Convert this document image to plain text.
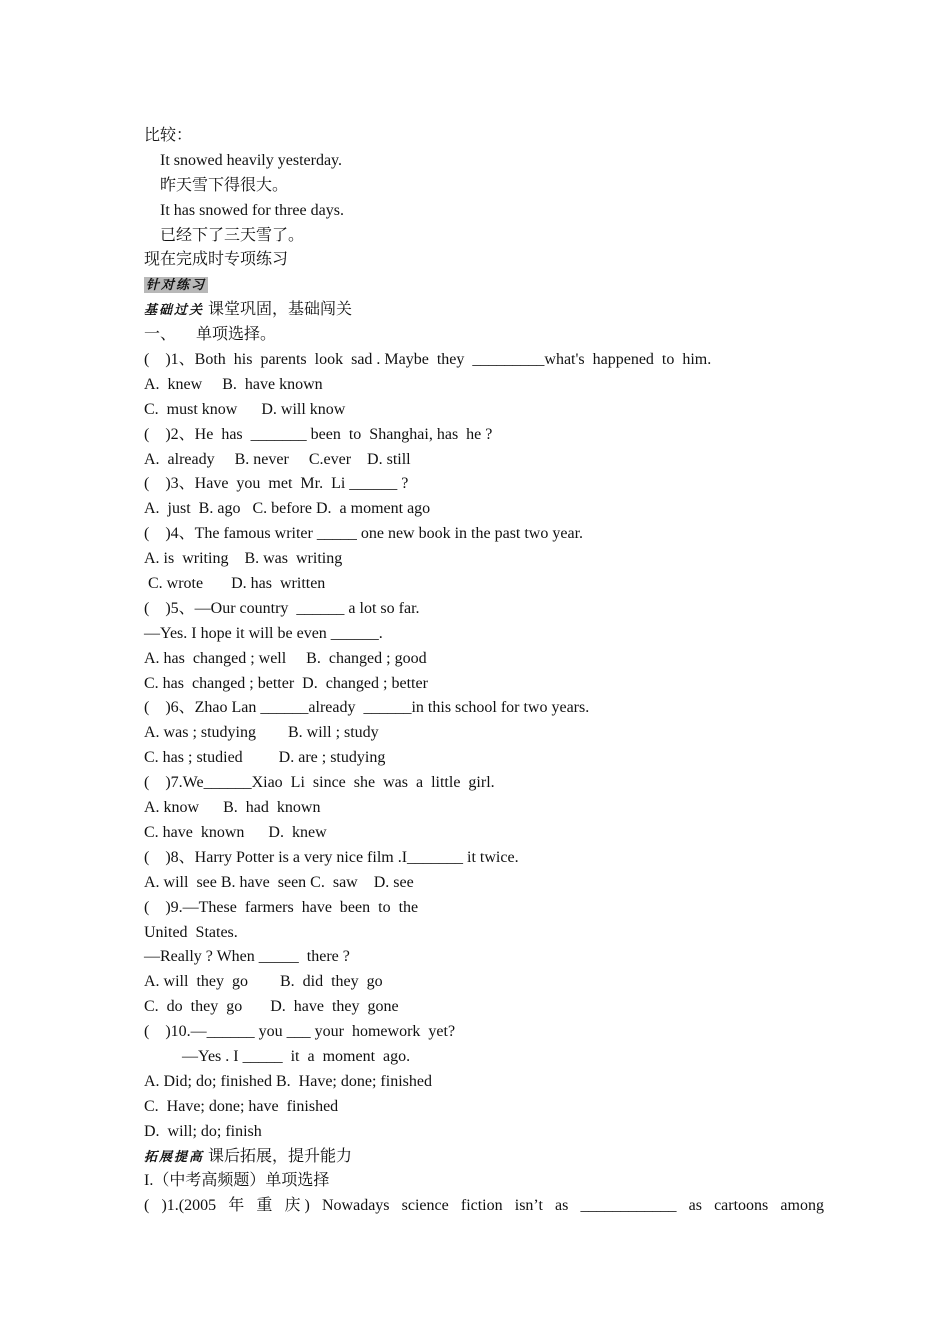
比较：
It snowed heavily yesterday.
昨天雪下得很大。
It has snowed for three days.
已经下了三天雪了。
现在完成时专项练习
针对练习
基础过关 课堂巩固，基础闯关
一、     单项选择。
(    )1、Both  his  parents  look  sad . Maybe  they  _________what's  happened  to  him.
A.  knew     B.  have known
C.  must know      D. will know
(    )2、He  has  _______ been  to  Shanghai, has  he ?
A.  already     B. never     C.ever    D. still
(    )3、Have  you  met  Mr.  Li ______ ?
A.  just  B. ago   C. before D.  a moment ago
(    )4、The famous writer _____ one new book in the past two year.
A. is  writing    B. was  writing
C. wrote       D. has  written
(    )5、—Our country  ______ a lot so far.
—Yes. I hope it will be even ______.
A. has  changed ; well     B.  changed ; good
C. has  changed ; better  D.  changed ; better
(    )6、Zhao Lan ______already  ______in this school for two years.
A. was ; studying        B. will ; study
C. has ; studied         D. are ; studying
(    )7.We______Xiao  Li  since  she  was  a  little  girl.
A. know      B.  had  known
C. have  known      D.  knew
(    )8、Harry Potter is a very nice film .I_______ it twice.
A. will  see B. have  seen C.  saw    D. see
(    )9.—These  farmers  have  been  to  the
United  States.
—Really ? When _____  there ?
A. will  they  go        B.  did  they  go
C.  do  they  go       D.  have  they  gone
(    )10.—______ you ___ your  homework  yet?
—Yes . I _____  it  a  moment  ago.
A. Did; do; finished B.  Have; done; finished
C.  Have; done; have  finished
D.  will; do; finish
拓展提高 课后拓展，提升能力
I.（中考高频题）单项选择
( )1.(2005 年 重 庆 ) Nowadays science fiction isn’t as ____________ as cartoons among
